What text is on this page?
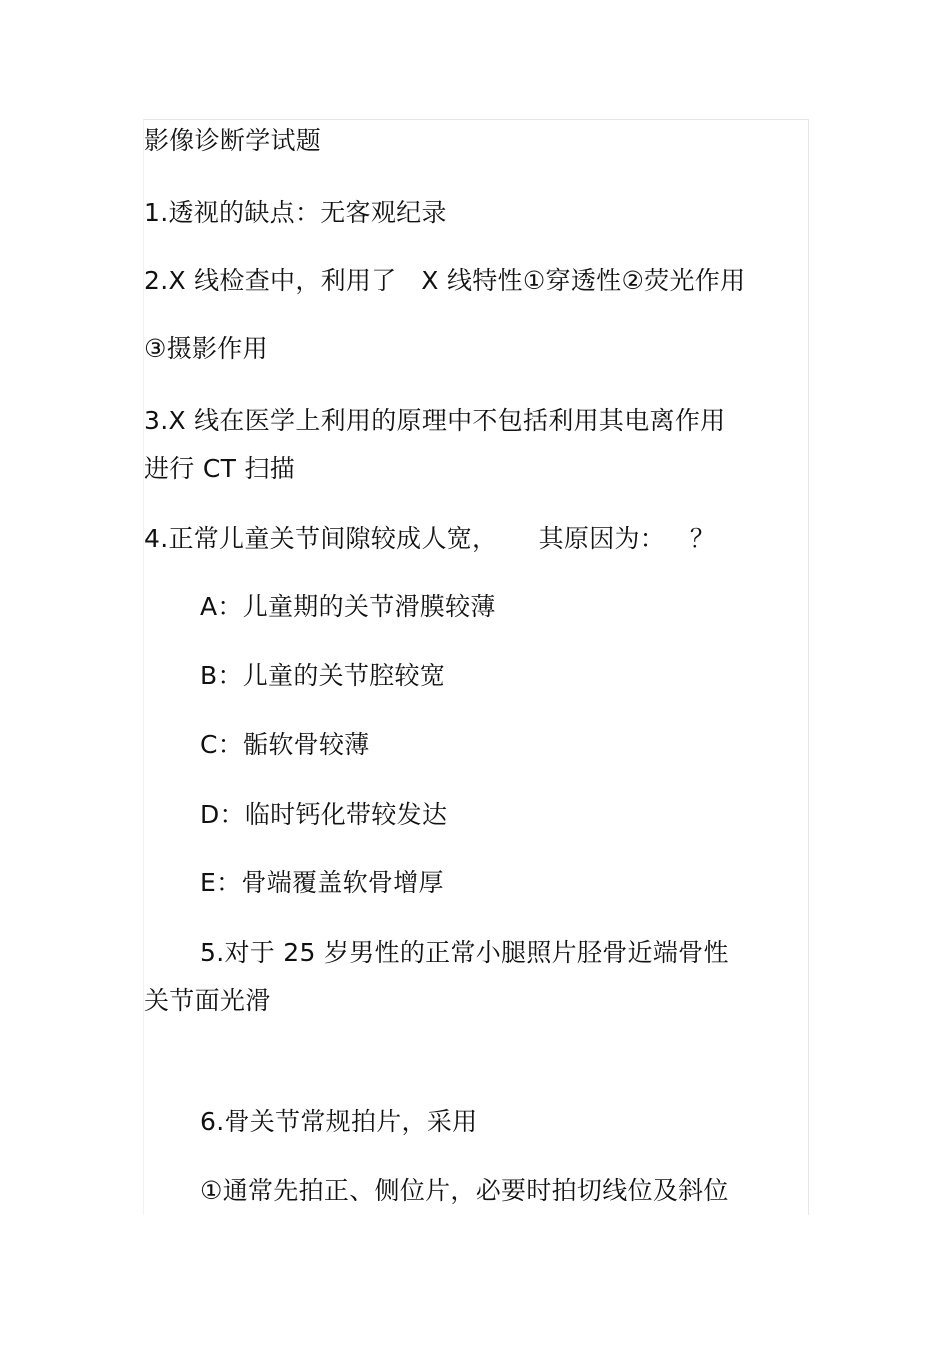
影像诊断学试题
1.透视的缺点：无客观纪录
2.X 线检查中，利用了   X 线特性①穿透性②荧光作用
③摄影作用
3.X 线在医学上利用的原理中不包括利用其电离作用
进行 CT 扫描
4.正常儿童关节间隙较成人宽，     其原因为：   ？
A：儿童期的关节滑膜较薄
B：儿童的关节腔较宽
C：骺软骨较薄
D：临时钙化带较发达
E：骨端覆盖软骨增厚
5.对于 25 岁男性的正常小腿照片胫骨近端骨性
关节面光滑
6.骨关节常规拍片，采用
①通常先拍正、侧位片，必要时拍切线位及斜位
